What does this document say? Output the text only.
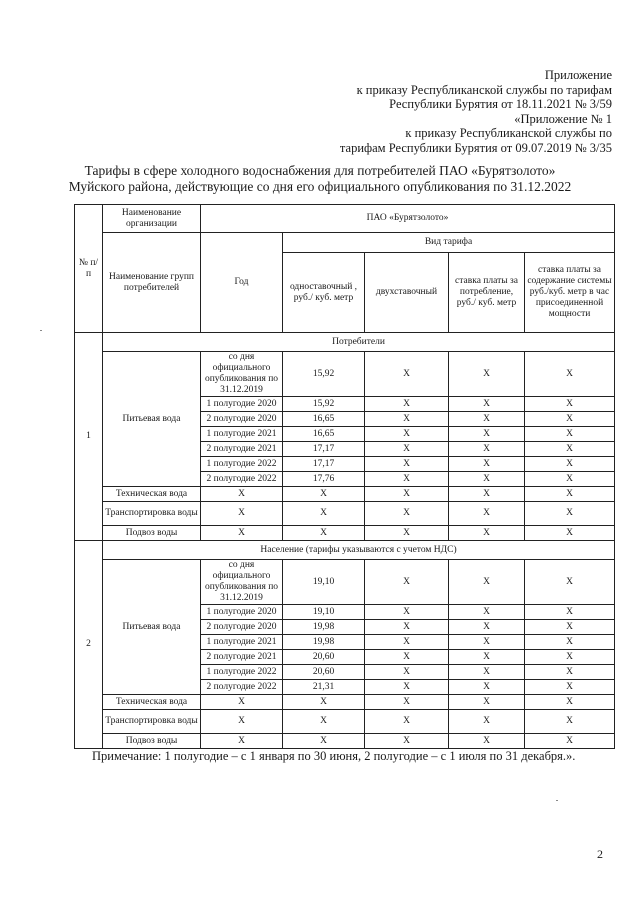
Приложение
к приказу Республиканской службы по тарифам
Республики Бурятия от 18.11.2021 № 3/59
«Приложение № 1
к приказу Республиканской службы по
тарифам Республики Бурятия от 09.07.2019 № 3/35
Тарифы в сфере холодного водоснабжения для потребителей ПАО «Бурятзолото»
Муйского района, действующие со дня его официального опубликования по 31.12.2022
№ п/п	Наименование организации	ПАО «Бурятзолото»				
	Наименование групп потребителей	Год	Вид тарифа			
			одноставочный , руб./ куб. метр	двухставочный	ставка платы за потребление, руб./ куб. метр	ставка платы за содержание системы руб./куб. метр в час присоединенной мощности
1	Потребители					
	Питьевая вода	со дня официального опубликования по 31.12.2019	15,92	X	X	X
		1 полугодие 2020	15,92	X	X	X
		2 полугодие 2020	16,65	X	X	X
		1 полугодие 2021	16,65	X	X	X
		2 полугодие 2021	17,17	X	X	X
		1 полугодие 2022	17,17	X	X	X
		2 полугодие 2022	17,76	X	X	X
	Техническая вода	X	X	X	X	X
	Транспортировка воды	X	X	X	X	X
	Подвоз воды	X	X	X	X	X
2	Население (тарифы указываются с учетом НДС)					
	Питьевая вода	со дня официального опубликования по 31.12.2019	19,10	X	X	X
		1 полугодие 2020	19,10	X	X	X
		2 полугодие 2020	19,98	X	X	X
		1 полугодие 2021	19,98	X	X	X
		2 полугодие 2021	20,60	X	X	X
		1 полугодие 2022	20,60	X	X	X
		2 полугодие 2022	21,31	X	X	X
	Техническая вода	X	X	X	X	X
	Транспортировка воды	X	X	X	X	X
	Подвоз воды	X	X	X	X	X
Примечание: 1 полугодие – с 1 января по 30 июня, 2 полугодие – с 1 июля по 31 декабря.».
2
